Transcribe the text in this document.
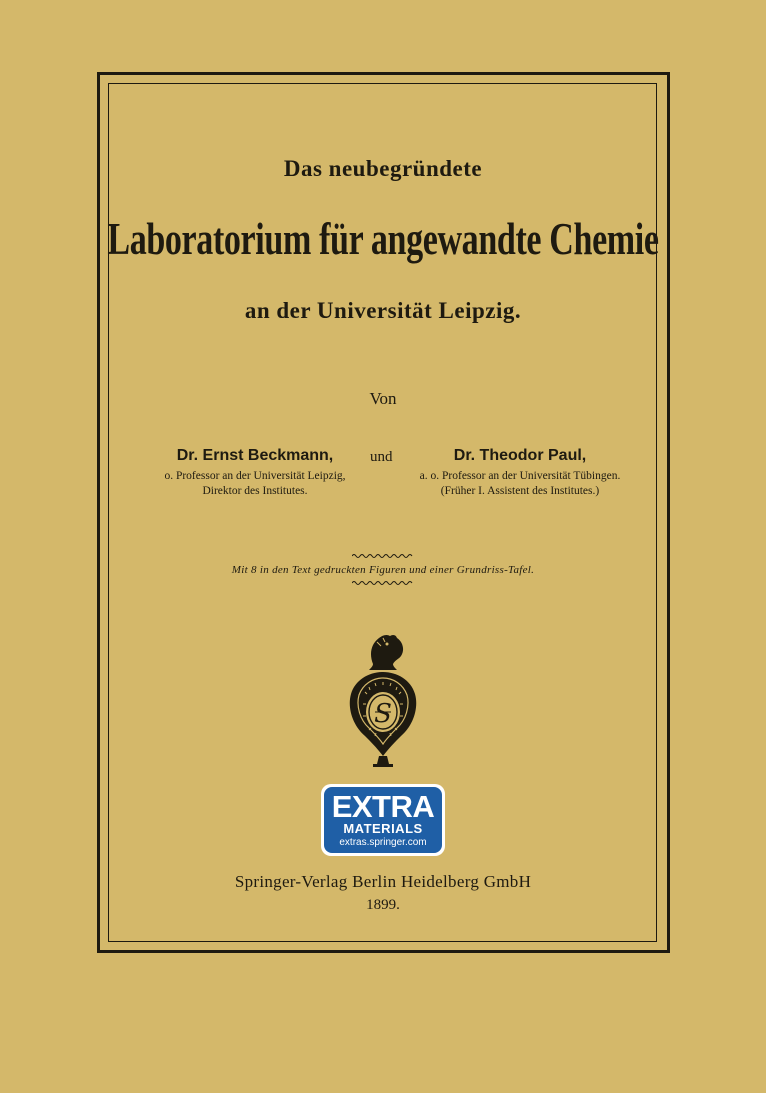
Das neubegründete
Laboratorium für angewandte Chemie
an der Universität Leipzig.
Von
Dr. Ernst Beckmann,
o. Professor an der Universität Leipzig,
Direktor des Institutes.
und	Dr. Theodor Paul,
a. o. Professor an der Universität Tübingen.
(Früher I. Assistent des Institutes.)
Mit 8 in den Text gedruckten Figuren und einer Grundriss-Tafel.
S
EXTRA
MATERIALS
extras.springer.com
Springer-Verlag Berlin Heidelberg GmbH
1899.
